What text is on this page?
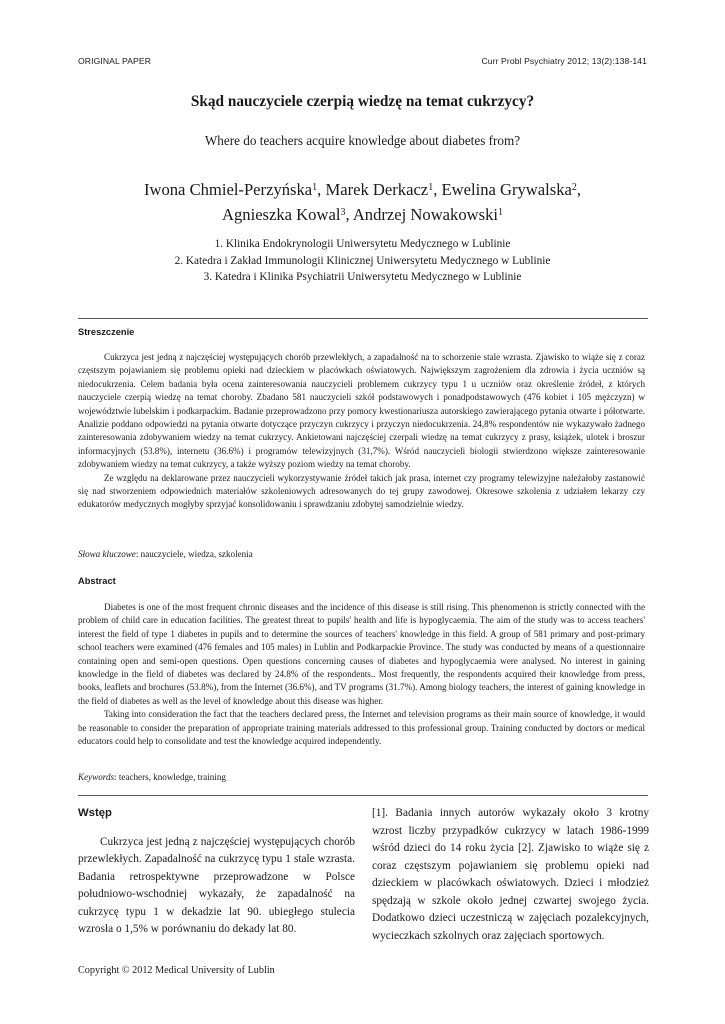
ORIGINAL PAPER	Curr Probl Psychiatry 2012; 13(2):138-141
Skąd nauczyciele czerpią wiedzę na temat cukrzycy?
Where do teachers acquire knowledge about diabetes from?
Iwona Chmiel-Perzyńska$^1$, Marek Derkacz$^1$, Ewelina Grywalska$^2$,
Agnieszka Kowal$^3$, Andrzej Nowakowski$^1$
1. Klinika Endokrynologii Uniwersytetu Medycznego w Lublinie
2. Katedra i Zakład Immunologii Klinicznej Uniwersytetu Medycznego w Lublinie
3. Katedra i Klinika Psychiatrii Uniwersytetu Medycznego w Lublinie
Streszczenie

Cukrzyca jest jedną z najczęściej występujących chorób przewlekłych, a zapadalność na to schorzenie stale wzrasta. Zjawisko to wiąże się z coraz częstszym pojawianiem się problemu opieki nad dzieckiem w placówkach oświatowych. Największym zagrożeniem dla zdrowia i życia uczniów są niedocukrzenia. Celem badania była ocena zainteresowania nauczycieli problemem cukrzycy typu 1 u uczniów oraz określenie źródeł, z których nauczyciele czerpią wiedzę na temat choroby. Zbadano 581 nauczycieli szkół podstawowych i ponadpodstawowych (476 kobiet i 105 mężczyzn) w województwie lubelskim i podkarpackim. Badanie przeprowadzono przy pomocy kwestionariusza autorskiego zawierającego pytania otwarte i półotwarte. Analizie poddano odpowiedzi na pytania otwarte dotyczące przyczyn cukrzycy i przyczyn niedocukrzenia. 24,8% respondentów nie wykazywało żadnego zainteresowania zdobywaniem wiedzy na temat cukrzycy. Ankietowani najczęściej czerpali wiedzę na temat cukrzycy z prasy, książek, ulotek i broszur informacyjnych (53.8%), internetu (36.6%) i programów telewizyjnych (31,7%). Wśród nauczycieli biologii stwierdzono większe zainteresowanie zdobywaniem wiedzy na temat cukrzycy, a także wyższy poziom wiedzy na temat choroby.

Ze względu na deklarowane przez nauczycieli wykorzystywanie źródeł takich jak prasa, internet czy programy telewizyjne należałoby zastanowić się nad stworzeniem odpowiednich materiałów szkoleniowych adresowanych do tej grupy zawodowej. Okresowe szkolenia z udziałem lekarzy czy edukatorów medycznych mogłyby sprzyjać konsolidowaniu i sprawdzaniu zdobytej samodzielnie wiedzy.

Słowa kluczowe: nauczyciele, wiedza, szkolenia
Abstract

Diabetes is one of the most frequent chronic diseases and the incidence of this disease is still rising. This phenomenon is strictly connected with the problem of child care in education facilities. The greatest threat to pupils' health and life is hypoglycaemia. The aim of the study was to access teachers' interest the field of type 1 diabetes in pupils and to determine the sources of teachers' knowledge in this field. A group of 581 primary and post-primary school teachers were examined (476 females and 105 males) in Lublin and Podkarpackie Province. The study was conducted by means of a questionnaire containing open and semi-open questions. Open questions concerning causes of diabetes and hypoglycaemia were analysed. No interest in gaining knowledge in the field of diabetes was declared by 24.8% of the respondents.. Most frequently, the respondents acquired their knowledge from press, books, leaflets and brochures (53.8%), from the Internet (36.6%), and TV programs (31.7%). Among biology teachers, the interest of gaining knowledge in the field of diabetes as well as the level of knowledge about this disease was higher.

Taking into consideration the fact that the teachers declared press, the Internet and television programs as their main source of knowledge, it would be reasonable to consider the preparation of appropriate training materials addressed to this professional group. Training conducted by doctors or medical educators could help to consolidate and test the knowledge acquired independently.

Keywords: teachers, knowledge, training
Wstęp

Cukrzyca jest jedną z najczęściej występujących chorób przewlekłych. Zapadalność na cukrzycę typu 1 stale wzrasta. Badania retrospektywne przeprowadzone w Polsce południowo-wschodniej wykazały, że zapadalność na cukrzycę typu 1 w dekadzie lat 90. ubiegłego stulecia wzrosła o 1,5% w porównaniu do dekady lat 80.

[1]. Badania innych autorów wykazały około 3 krotny wzrost liczby przypadków cukrzycy w latach 1986-1999 wśród dzieci do 14 roku życia [2]. Zjawisko to wiąże się z coraz częstszym pojawianiem się problemu opieki nad dzieckiem w placówkach oświatowych. Dzieci i młodzież spędzają w szkole około jednej czwartej swojego życia. Dodatkowo dzieci uczestniczą w zajęciach pozalekcyjnych, wycieczkach szkolnych oraz zajęciach sportowych.

Copyright © 2012 Medical University of Lublin
